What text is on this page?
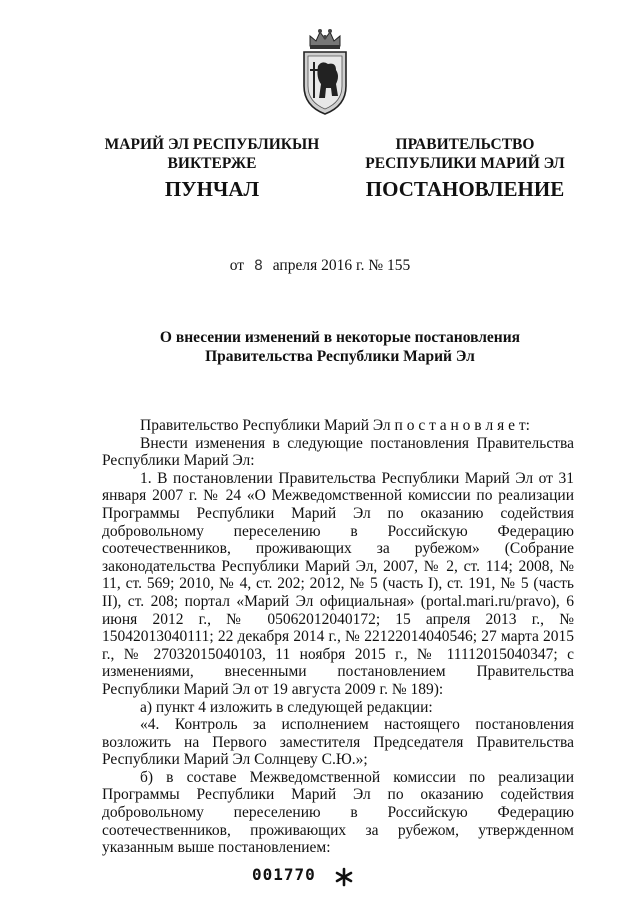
МАРИЙ ЭЛ РЕСПУБЛИКЫН
ВИКТЕРЖЕ
ПРАВИТЕЛЬСТВО
РЕСПУБЛИКИ МАРИЙ ЭЛ
ПУНЧАЛ	ПОСТАНОВЛЕНИЕ
от 8 апреля 2016 г. № 155
О внесении изменений в некоторые постановления
Правительства Республики Марий Эл

Правительство Республики Марий Эл п о с т а н о в л я е т:

Внести изменения в следующие постановления Правительства Республики Марий Эл:

1. В постановлении Правительства Республики Марий Эл от 31 января 2007 г. № 24 «О Межведомственной комиссии по реализации Программы Республики Марий Эл по оказанию содействия добровольному переселению в Российскую Федерацию соотечественников, проживающих за рубежом» (Собрание законодательства Республики Марий Эл, 2007, № 2, ст. 114; 2008, № 11, ст. 569; 2010, № 4, ст. 202; 2012, № 5 (часть I), ст. 191, № 5 (часть II), ст. 208; портал «Марий Эл официальная» (portal.mari.ru/pravo), 6 июня 2012 г., № 05062012040172; 15 апреля 2013 г., № 15042013040111; 22 декабря 2014 г., № 22122014040546; 27 марта 2015 г., № 27032015040103, 11 ноября 2015 г., № 11112015040347; с изменениями, внесенными постановлением Правительства Республики Марий Эл от 19 августа 2009 г. № 189):

а) пункт 4 изложить в следующей редакции:

«4. Контроль за исполнением настоящего постановления возложить на Первого заместителя Председателя Правительства Республики Марий Эл Солнцеву С.Ю.»;

б) в составе Межведомственной комиссии по реализации Программы Республики Марий Эл по оказанию содействия добровольному переселению в Российскую Федерацию соотечественников, проживающих за рубежом, утвержденном указанным выше постановлением:

001770
